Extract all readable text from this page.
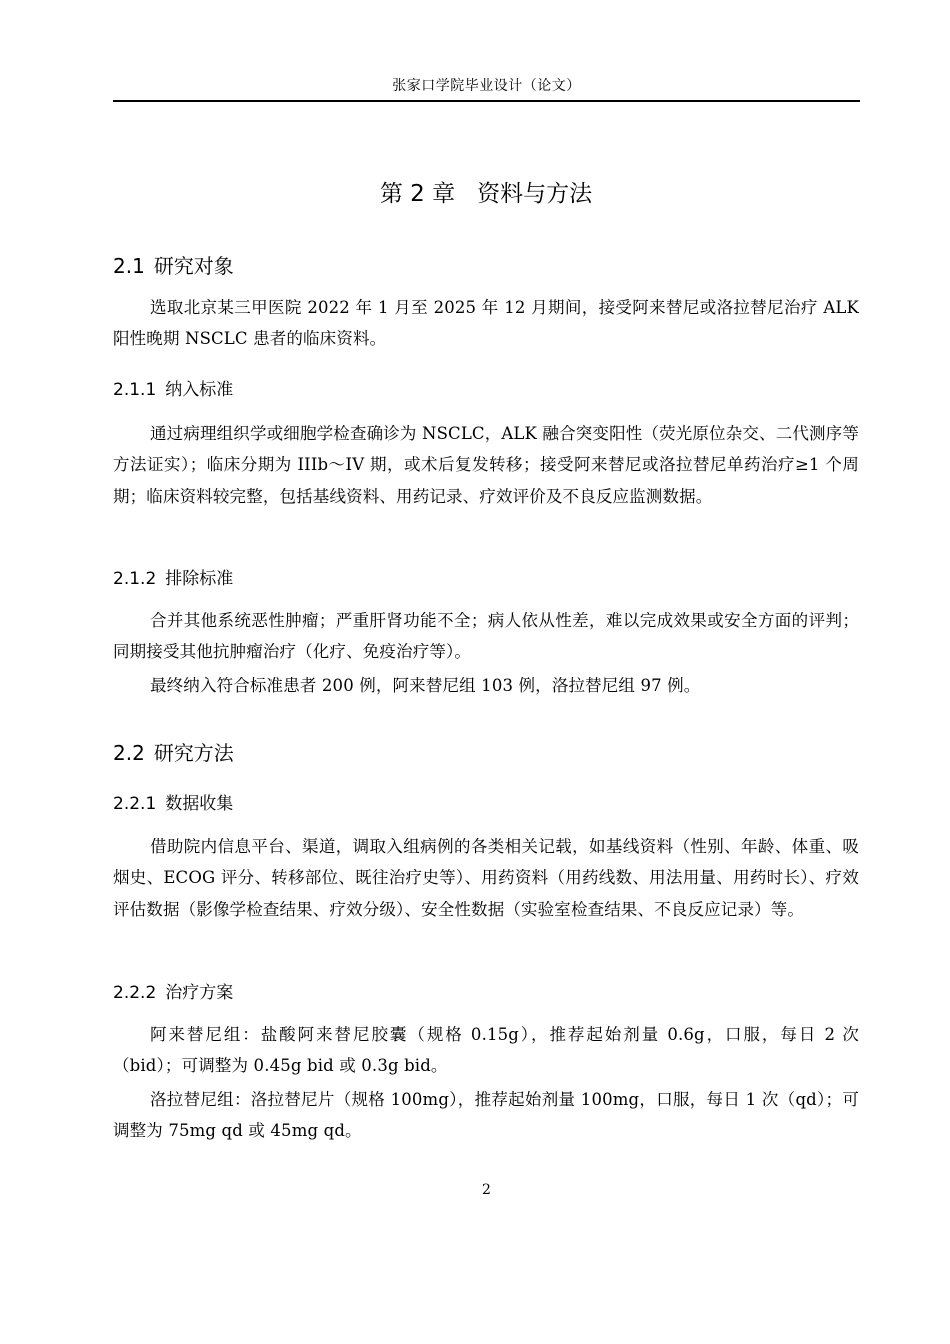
张家口学院毕业设计（论文）
第 2 章 资料与方法
2.1 研究对象
选取北京某三甲医院 2022 年 1 月至 2025 年 12 月期间，接受阿来替尼或洛拉替尼治疗 ALK 阳性晚期 NSCLC 患者的临床资料。
2.1.1 纳入标准
通过病理组织学或细胞学检查确诊为 NSCLC，ALK 融合突变阳性（荧光原位杂交、二代测序等方法证实）；临床分期为 IIIb～IV 期，或术后复发转移；接受阿来替尼或洛拉替尼单药治疗≥1 个周期；临床资料较完整，包括基线资料、用药记录、疗效评价及不良反应监测数据。
2.1.2 排除标准
合并其他系统恶性肿瘤；严重肝肾功能不全；病人依从性差，难以完成效果或安全方面的评判；同期接受其他抗肿瘤治疗（化疗、免疫治疗等）。
最终纳入符合标准患者 200 例，阿来替尼组 103 例，洛拉替尼组 97 例。
2.2 研究方法
2.2.1 数据收集
借助院内信息平台、渠道，调取入组病例的各类相关记载，如基线资料（性别、年龄、体重、吸烟史、ECOG 评分、转移部位、既往治疗史等）、用药资料（用药线数、用法用量、用药时长）、疗效评估数据（影像学检查结果、疗效分级）、安全性数据（实验室检查结果、不良反应记录）等。
2.2.2 治疗方案
阿来替尼组：盐酸阿来替尼胶囊（规格 0.15g），推荐起始剂量 0.6g，口服，每日 2 次（bid）；可调整为 0.45g bid 或 0.3g bid。
洛拉替尼组：洛拉替尼片（规格 100mg），推荐起始剂量 100mg，口服，每日 1 次（qd）；可调整为 75mg qd 或 45mg qd。
2
